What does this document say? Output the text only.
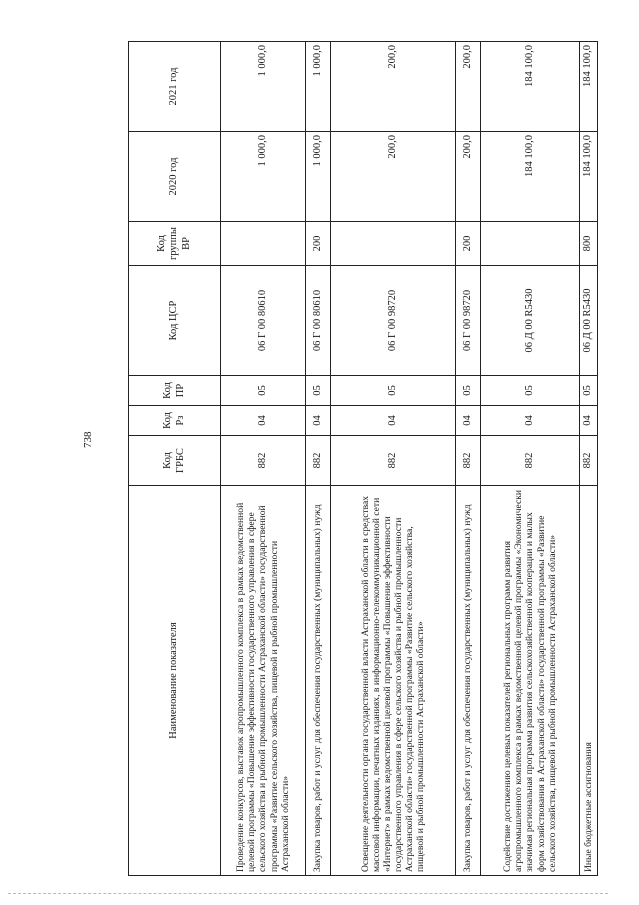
738
Наименование показателя	Код ГРБС	Код Рз	Код ПР	Код ЦСР	Код группы ВР	2020 год	2021 год
Проведение конкурсов, выставок агропромышленного комплекса в рамках ведомственной целевой программы «Повышение эффективности государственного управления в сфере сельского хозяйства и рыбной промышленности Астраханской области» государственной программы «Развитие сельского хозяйства, пищевой и рыбной промышленности Астраханской области»	882	04	05	06 Г 00 80610		1 000,0	1 000,0
Закупка товаров, работ и услуг для обеспечения государственных (муниципальных) нужд	882	04	05	06 Г 00 80610	200	1 000,0	1 000,0
Освещение деятельности органа государственной власти Астраханской области в средствах массовой информации, печатных изданиях, в информационно-телекоммуникационной сети «Интернет» в рамках ведомственной целевой программы «Повышение эффективности государственного управления в сфере сельского хозяйства и рыбной промышленности Астраханской области» государственной программы «Развитие сельского хозяйства, пищевой и рыбной промышленности Астраханской области»	882	04	05	06 Г 00 98720		200,0	200,0
Закупка товаров, работ и услуг для обеспечения государственных (муниципальных) нужд	882	04	05	06 Г 00 98720	200	200,0	200,0
Содействие достижению целевых показателей региональных программ развития агропромышленного комплекса в рамках ведомственной целевой программы «Экономически значимая региональная программа развития сельскохозяйственной кооперации и малых форм хозяйствования в Астраханской области» государственной программы «Развитие сельского хозяйства, пищевой и рыбной промышленности Астраханской области»	882	04	05	06 Д 00 R5430		184 100,0	184 100,0
Иные бюджетные ассигнования	882	04	05	06 Д 00 R5430	800	184 100,0	184 100,0
